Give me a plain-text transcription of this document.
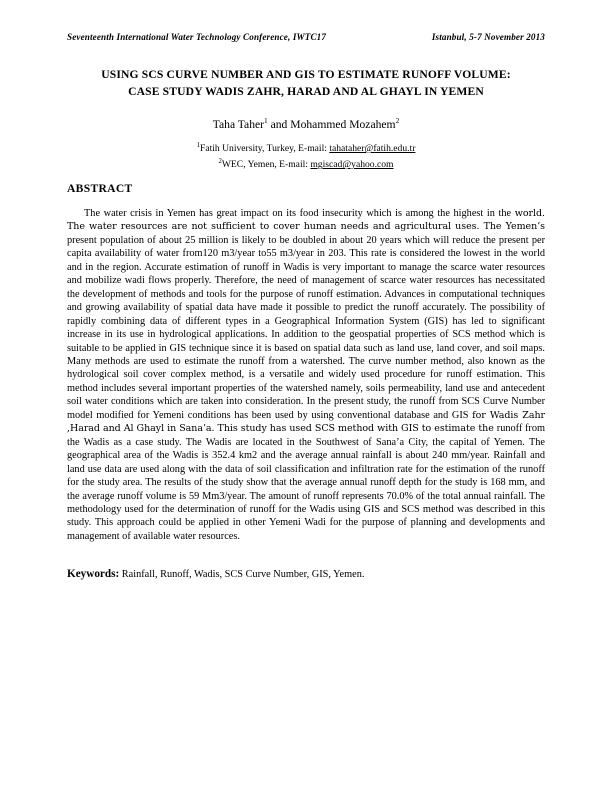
Seventeenth International Water Technology Conference, IWTC17	Istanbul, 5-7 November 2013
USING SCS CURVE NUMBER AND GIS TO ESTIMATE RUNOFF VOLUME:
CASE STUDY WADIS ZAHR, HARAD AND AL GHAYL IN YEMEN
Taha Taher$^1$ and Mohammed Mozahem$^2$
$^1$Fatih University, Turkey, E-mail: tahataher@fatih.edu.tr
$^2$WEC, Yemen, E-mail: mgiscad@yahoo.com
ABSTRACT

The water crisis in Yemen has great impact on its food insecurity which is among the highest in the world. The water resources are not sufficient to cover human needs and agricultural uses. The Yemen’s present population of about 25 million is likely to be doubled in about 20 years which will reduce the present per capita availability of water from120 m3/year to55 m3/year in 203. This rate is considered the lowest in the world and in the region. Accurate estimation of runoff in Wadis is very important to manage the scarce water resources and mobilize wadi flows properly. Therefore, the need of management of scarce water resources has necessitated the development of methods and tools for the purpose of runoff estimation. Advances in computational techniques and growing availability of spatial data have made it possible to predict the runoff accurately. The possibility of rapidly combining data of different types in a Geographical Information System (GIS) has led to significant increase in its use in hydrological applications. In addition to the geospatial properties of SCS method which is suitable to be applied in GIS technique since it is based on spatial data such as land use, land cover, and soil maps. Many methods are used to estimate the runoff from a watershed. The curve number method, also known as the hydrological soil cover complex method, is a versatile and widely used procedure for runoff estimation. This method includes several important properties of the watershed namely, soils permeability, land use and antecedent soil water conditions which are taken into consideration. In the present study, the runoff from SCS Curve Number model modified for Yemeni conditions has been used by using conventional database and GIS for Wadis Zahr ,Harad and Al Ghayl in Sana’a. This study has used SCS method with GIS to estimate the runoff from the Wadis as a case study. The Wadis are located in the Southwest of Sana’a City, the capital of Yemen. The geographical area of the Wadis is 352.4 km2 and the average annual rainfall is about 240 mm/year. Rainfall and land use data are used along with the data of soil classification and infiltration rate for the estimation of the runoff for the study area. The results of the study show that the average annual runoff depth for the study is 168 mm, and the average runoff volume is 59 Mm3/year. The amount of runoff represents 70.0% of the total annual rainfall. The methodology used for the determination of runoff for the Wadis using GIS and SCS method was described in this study. This approach could be applied in other Yemeni Wadi for the purpose of planning and developments and management of available water resources.

Keywords: Rainfall, Runoff, Wadis, SCS Curve Number, GIS, Yemen.
